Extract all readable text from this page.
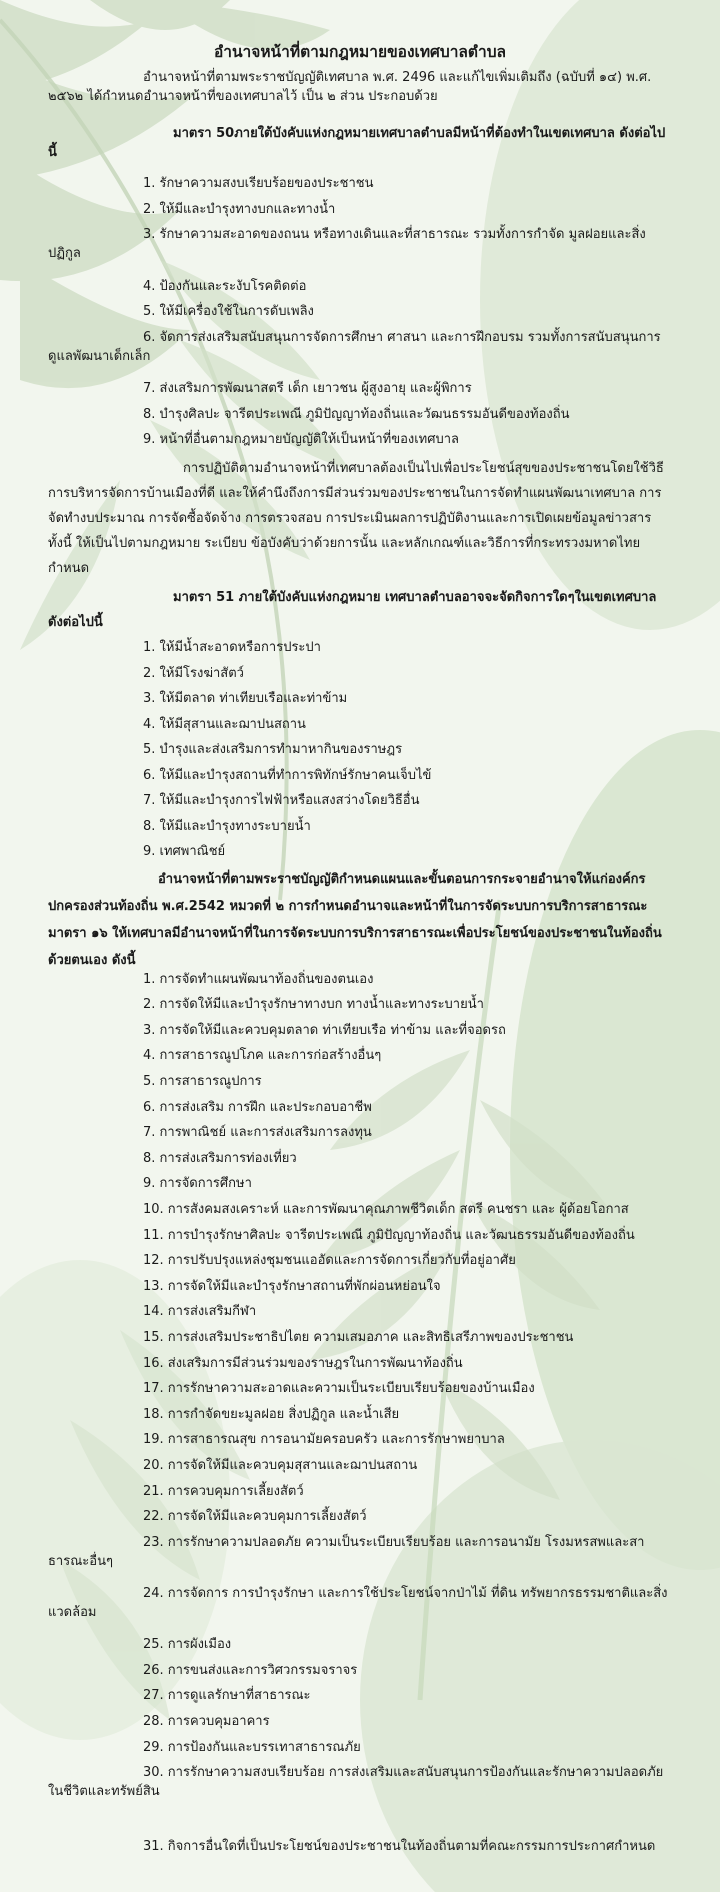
อำนาจหน้าที่ตามกฎหมายของเทศบาลตำบล

อำนาจหน้าที่ตามพระราชบัญญัติเทศบาล พ.ศ. 2496 และแก้ไขเพิ่มเติมถึง (ฉบับที่ ๑๔) พ.ศ. ๒๕๖๒ ได้กำหนดอำนาจหน้าที่ของเทศบาลไว้ เป็น ๒ ส่วน ประกอบด้วย

มาตรา 50ภายใต้บังคับแห่งกฎหมายเทศบาลตำบลมีหน้าที่ต้องทำในเขตเทศบาล ดังต่อไปนี้

1. รักษาความสงบเรียบร้อยของประชาชน

2. ให้มีและบำรุงทางบกและทางน้ำ

3. รักษาความสะอาดของถนน หรือทางเดินและที่สาธารณะ รวมทั้งการกำจัด มูลฝอยและสิ่งปฏิกูล

4. ป้องกันและระงับโรคติดต่อ

5. ให้มีเครื่องใช้ในการดับเพลิง

6. จัดการส่งเสริมสนับสนุนการจัดการศึกษา ศาสนา และการฝึกอบรม รวมทั้งการสนับสนุนการดูแลพัฒนาเด็กเล็ก

7. ส่งเสริมการพัฒนาสตรี เด็ก เยาวชน ผู้สูงอายุ และผู้พิการ

8. บำรุงศิลปะ จารีตประเพณี ภูมิปัญญาท้องถิ่นและวัฒนธรรมอันดีของท้องถิ่น

9. หน้าที่อื่นตามกฎหมายบัญญัติให้เป็นหน้าที่ของเทศบาล

การปฏิบัติตามอำนาจหน้าที่เทศบาลต้องเป็นไปเพื่อประโยชน์สุขของประชาชนโดยใช้วิธีการบริหารจัดการบ้านเมืองที่ดี และให้คำนึงถึงการมีส่วนร่วมของประชาชนในการจัดทำแผนพัฒนาเทศบาล การจัดทำงบประมาณ การจัดซื้อจัดจ้าง การตรวจสอบ การประเมินผลการปฏิบัติงานและการเปิดเผยข้อมูลข่าวสาร ทั้งนี้ ให้เป็นไปตามกฎหมาย ระเบียบ ข้อบังคับว่าด้วยการนั้น และหลักเกณฑ์และวิธีการที่กระทรวงมหาดไทยกำหนด

มาตรา 51 ภายใต้บังคับแห่งกฎหมาย เทศบาลตำบลอาจจะจัดกิจการใดๆในเขตเทศบาล ดังต่อไปนี้

1. ให้มีน้ำสะอาดหรือการประปา

2. ให้มีโรงฆ่าสัตว์

3. ให้มีตลาด ท่าเทียบเรือและท่าข้าม

4. ให้มีสุสานและฌาปนสถาน

5. บำรุงและส่งเสริมการทำมาหากินของราษฎร

6. ให้มีและบำรุงสถานที่ทำการพิทักษ์รักษาคนเจ็บไข้

7. ให้มีและบำรุงการไฟฟ้าหรือแสงสว่างโดยวิธีอื่น

8. ให้มีและบำรุงทางระบายน้ำ

9. เทศพาณิชย์

อำนาจหน้าที่ตามพระราชบัญญัติกำหนดแผนและขั้นตอนการกระจายอำนาจให้แก่องค์กรปกครองส่วนท้องถิ่น พ.ศ.2542 หมวดที่ ๒ การกำหนดอำนาจและหน้าที่ในการจัดระบบการบริการสาธารณะ มาตรา ๑๖ ให้เทศบาลมีอำนาจหน้าที่ในการจัดระบบการบริการสาธารณะเพื่อประโยชน์ของประชาชนในท้องถิ่นด้วยตนเอง ดังนี้

1. การจัดทำแผนพัฒนาท้องถิ่นของตนเอง

2. การจัดให้มีและบำรุงรักษาทางบก ทางน้ำและทางระบายน้ำ

3. การจัดให้มีและควบคุมตลาด ท่าเทียบเรือ ท่าข้าม และที่จอดรถ

4. การสาธารณูปโภค และการก่อสร้างอื่นๆ

5. การสาธารณูปการ

6. การส่งเสริม การฝึก และประกอบอาชีพ

7. การพาณิชย์ และการส่งเสริมการลงทุน

8. การส่งเสริมการท่องเที่ยว

9. การจัดการศึกษา

10. การสังคมสงเคราะห์ และการพัฒนาคุณภาพชีวิตเด็ก สตรี คนชรา และ ผู้ด้อยโอกาส

11. การบำรุงรักษาศิลปะ จารีตประเพณี ภูมิปัญญาท้องถิ่น และวัฒนธรรมอันดีของท้องถิ่น

12. การปรับปรุงแหล่งชุมชนแออัดและการจัดการเกี่ยวกับที่อยู่อาศัย

13. การจัดให้มีและบำรุงรักษาสถานที่พักผ่อนหย่อนใจ

14. การส่งเสริมกีฬา

15. การส่งเสริมประชาธิปไตย ความเสมอภาค และสิทธิเสรีภาพของประชาชน

16. ส่งเสริมการมีส่วนร่วมของราษฎรในการพัฒนาท้องถิ่น

17. การรักษาความสะอาดและความเป็นระเบียบเรียบร้อยของบ้านเมือง

18. การกำจัดขยะมูลฝอย สิ่งปฏิกูล และน้ำเสีย

19. การสาธารณสุข การอนามัยครอบครัว และการรักษาพยาบาล

20. การจัดให้มีและควบคุมสุสานและฌาปนสถาน

21. การควบคุมการเลี้ยงสัตว์

22. การจัดให้มีและควบคุมการเลี้ยงสัตว์

23. การรักษาความปลอดภัย ความเป็นระเบียบเรียบร้อย และการอนามัย โรงมหรสพและสาธารณะอื่นๆ

24. การจัดการ การบำรุงรักษา และการใช้ประโยชน์จากป่าไม้ ที่ดิน ทรัพยากรธรรมชาติและสิ่งแวดล้อม

25. การผังเมือง

26. การขนส่งและการวิศวกรรมจราจร

27. การดูแลรักษาที่สาธารณะ

28. การควบคุมอาคาร

29. การป้องกันและบรรเทาสาธารณภัย

30. การรักษาความสงบเรียบร้อย การส่งเสริมและสนับสนุนการป้องกันและรักษาความปลอดภัยในชีวิตและทรัพย์สิน

31. กิจการอื่นใดที่เป็นประโยชน์ของประชาชนในท้องถิ่นตามที่คณะกรรมการประกาศกำหนด
